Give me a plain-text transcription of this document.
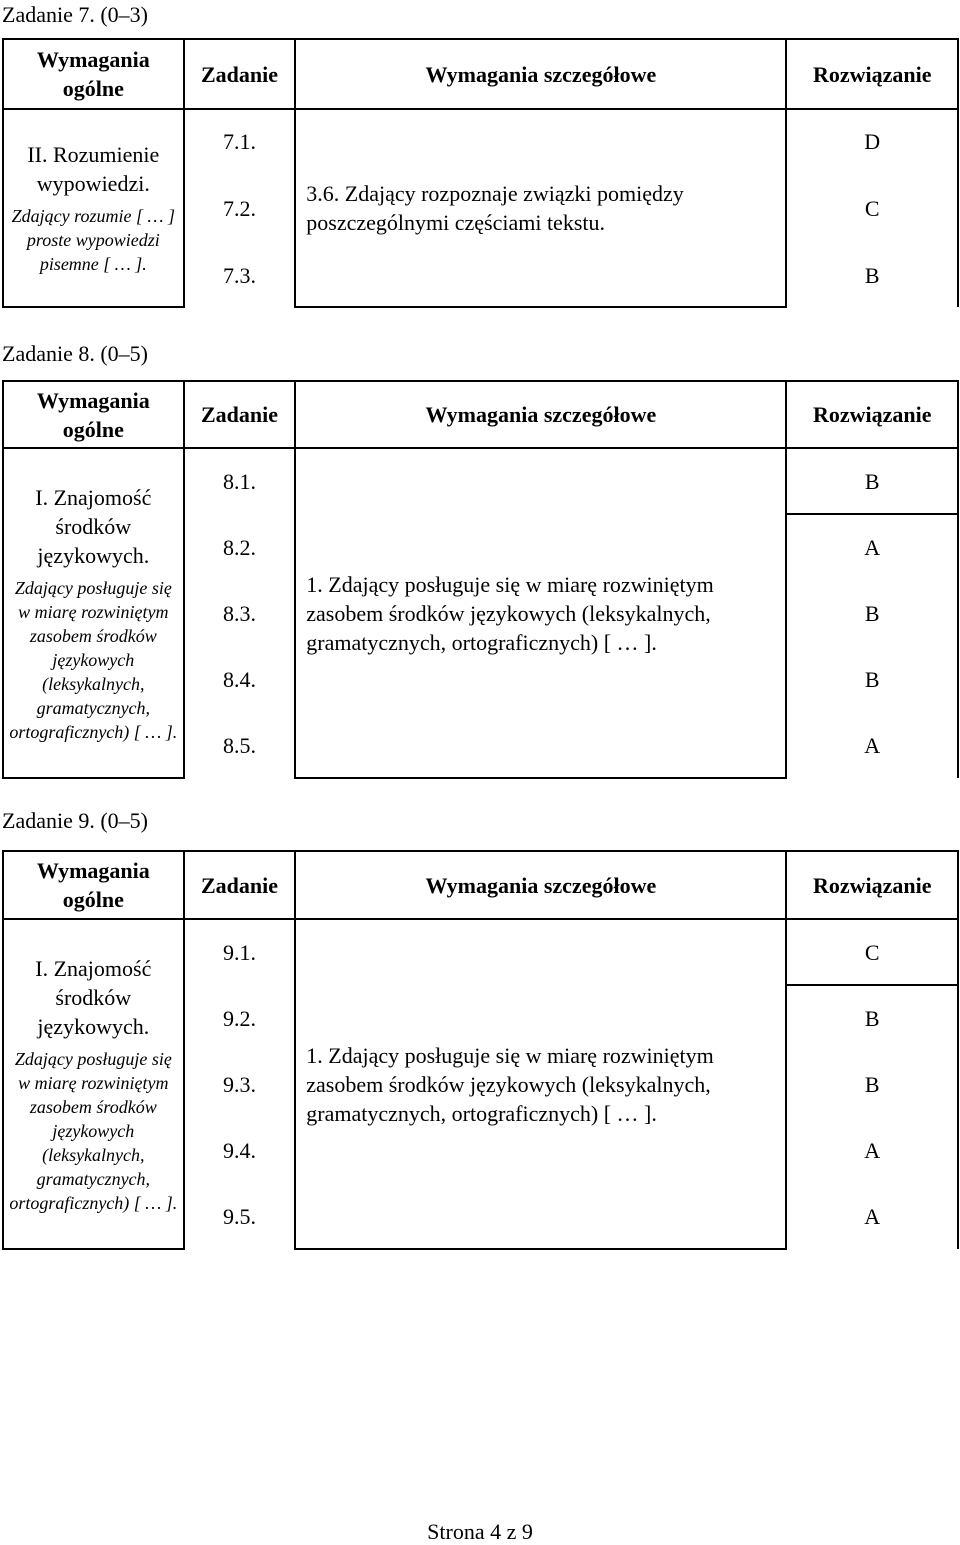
Zadanie 7. (0–3)
Wymagania ogólne	Zadanie	Wymagania szczegółowe	Rozwiązanie

II. Rozumienie wypowiedzi.
Zdający rozumie [ … ] proste wypowiedzi pisemne [ … ].	7.1.	3.6. Zdający rozpoznaje związki pomiędzy poszczególnymi częściami tekstu.	D
	7.2.		C
	7.3.		B
Zadanie 8. (0–5)
Wymagania ogólne	Zadanie	Wymagania szczegółowe	Rozwiązanie

I. Znajomość środków językowych.
Zdający posługuje się w miarę rozwiniętym zasobem środków językowych (leksykalnych, gramatycznych, ortograficznych) [ … ].	8.1.	1. Zdający posługuje się w miarę rozwiniętym zasobem środków językowych (leksykalnych, gramatycznych, ortograficznych) [ … ].	B
	8.2.		A
	8.3.		B
	8.4.		B
	8.5.		A
Zadanie 9. (0–5)
Wymagania ogólne	Zadanie	Wymagania szczegółowe	Rozwiązanie

I. Znajomość środków językowych.
Zdający posługuje się w miarę rozwiniętym zasobem środków językowych (leksykalnych, gramatycznych, ortograficznych) [ … ].	9.1.	1. Zdający posługuje się w miarę rozwiniętym zasobem środków językowych (leksykalnych, gramatycznych, ortograficznych) [ … ].	C
	9.2.		B
	9.3.		B
	9.4.		A
	9.5.		A
Strona 4 z 9
